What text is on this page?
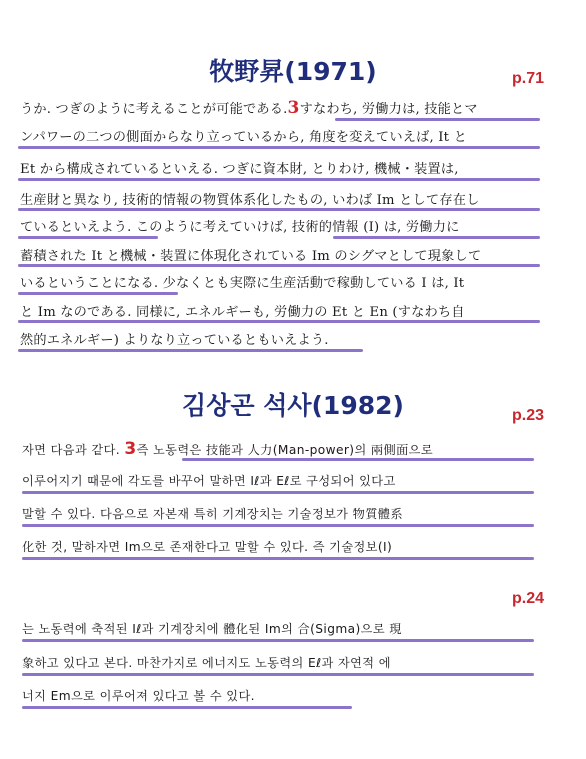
牧野昇(1971)	p.71
うか. つぎのように考えることが可能である.3すなわち, 労働力は, 技能とマ
ンパワーの二つの側面からなり立っているから, 角度を変えていえば, It と
Et から構成されているといえる. つぎに資本財, とりわけ, 機械・装置は,
生産財と異なり, 技術的情報の物質体系化したもの, いわば Im として存在し
ているといえよう. このように考えていけば, 技術的情報 (I) は, 労働力に
蓄積された It と機械・装置に体現化されている Im のシグマとして現象して
いるということになる. 少なくとも実際に生産活動で稼動している I は, It
と Im なのである. 同様に, エネルギーも, 労働力の Et と En (すなわち自
然的エネルギー) よりなり立っているともいえよう.
김상곤 석사(1982)	p.23
자면 다음과 같다. 3즉 노동력은 技能과 人力(Man-power)의 兩側面으로
이루어지기 때문에 각도를 바꾸어 말하면 Iℓ과 Eℓ로 구성되어 있다고
말할 수 있다. 다음으로 자본재 특히 기계장치는 기술정보가 物質體系
化한 것, 말하자면 Im으로 존재한다고 말할 수 있다. 즉 기술정보(I)
p.24
는 노동력에 축적된 Iℓ과 기계장치에 體化된 Im의 合(Sigma)으로 現
象하고 있다고 본다. 마찬가지로 에너지도 노동력의 Eℓ과 자연적 에
너지 Em으로 이루어져 있다고 볼 수 있다.
